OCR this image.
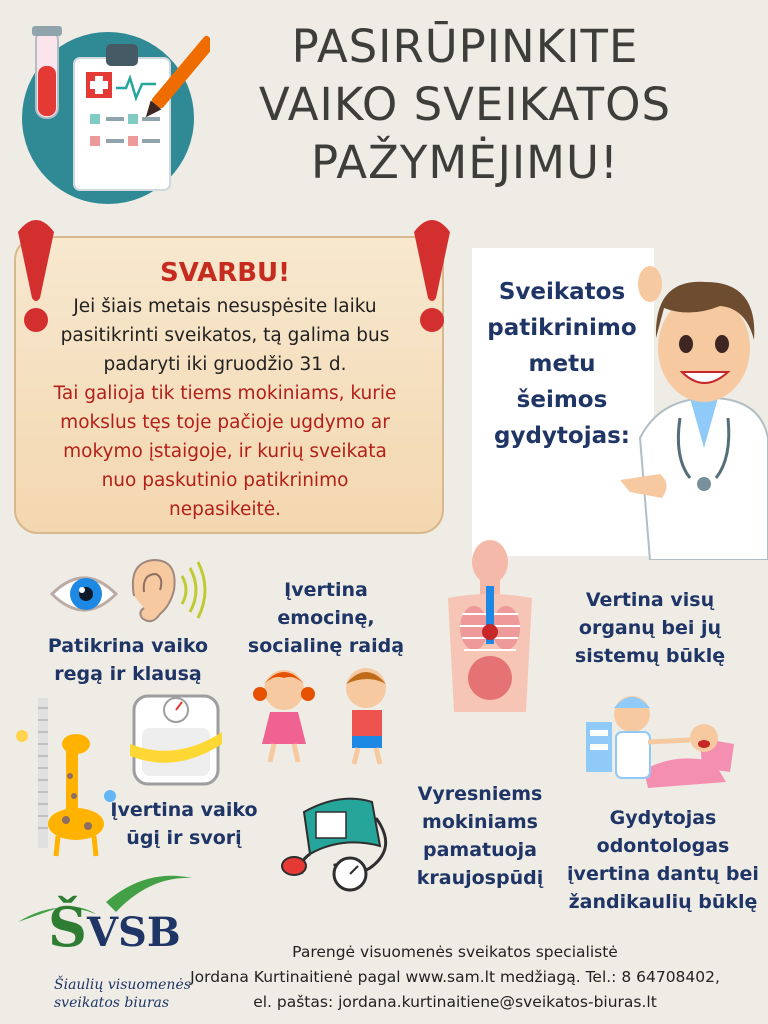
PASIRŪPINKITE
VAIKO SVEIKATOS
PAŽYMĖJIMU!
SVARBU!
Jei šiais metais nesuspėsite laiku
pasitikrinti sveikatos, tą galima bus
padaryti iki gruodžio 31 d.
Tai galioja tik tiems mokiniams, kurie
mokslus tęs toje pačioje ugdymo ar
mokymo įstaigoje, ir kurių sveikata
nuo paskutinio patikrinimo
nepasikeitė.
Sveikatos
patikrinimo
metu
šeimos
gydytojas:
Patikrina vaiko
regą ir klausą
Įvertina
emocinę,
socialinę raidą
Vertina visų
organų bei jų
sistemų būklę
Įvertina vaiko
ūgį ir svorį
Vyresniems
mokiniams
pamatuoja
kraujospūdį
Gydytojas
odontologas
įvertina dantų bei
žandikaulių būklę
ŠVSB
Šiaulių visuomenės
sveikatos biuras
Parengė visuomenės sveikatos specialistė
Jordana Kurtinaitienė pagal www.sam.lt medžiagą. Tel.: 8 64708402,
el. paštas: jordana.kurtinaitiene@sveikatos-biuras.lt
